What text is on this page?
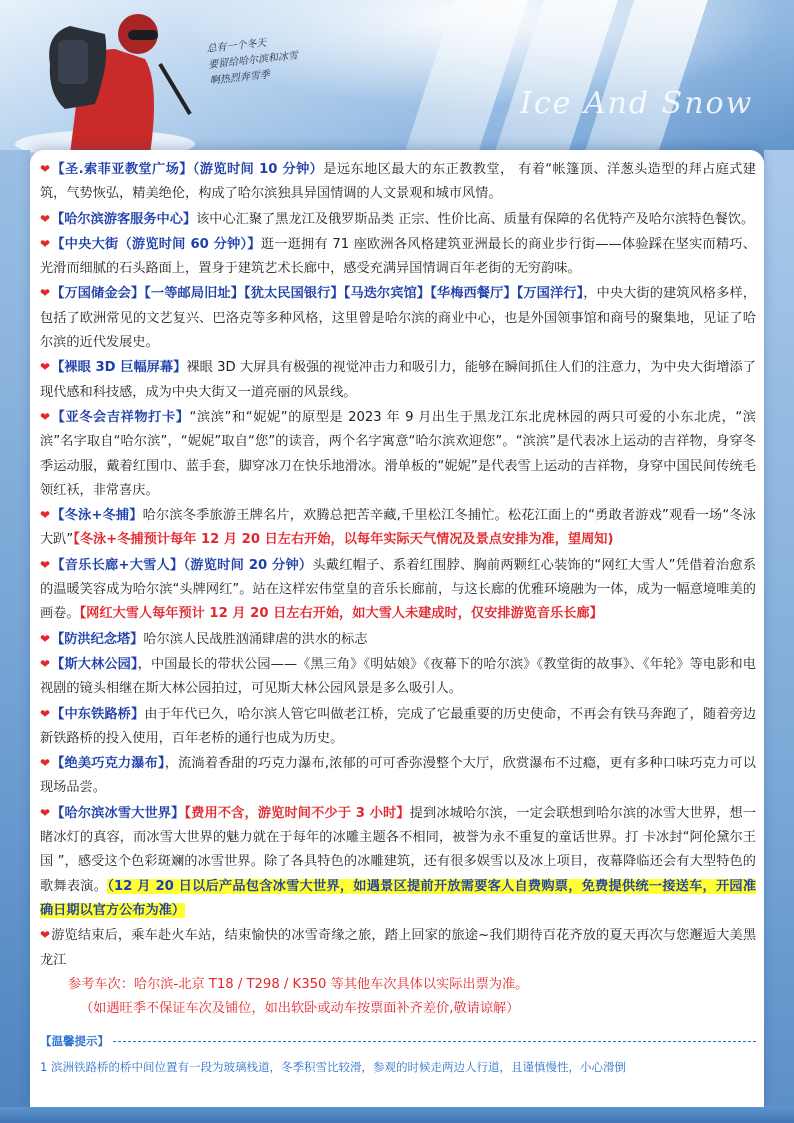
总有一个冬天
要留给哈尔滨和冰雪
啊热烈奔雪季
Ice And Snow

❤【圣.索菲亚教堂广场】（游览时间 10 分钟）是远东地区最大的东正教教堂， 有着“帐篷顶、洋葱头造型的拜占庭式建筑，气势恢弘，精美绝伦，构成了哈尔滨独具异国情调的人文景观和城市风情。

❤【哈尔滨游客服务中心】该中心汇聚了黑龙江及俄罗斯品类 正宗、性价比高、质量有保障的名优特产及哈尔滨特色餐饮。

❤【中央大街（游览时间 60 分钟）】逛一逛拥有 71 座欧洲各风格建筑亚洲最长的商业步行街——体验踩在坚实而精巧、光滑而细腻的石头路面上，置身于建筑艺术长廊中，感受充满异国情调百年老街的无穷韵味。

❤【万国储金会】【一等邮局旧址】【犹太民国银行】【马迭尔宾馆】【华梅西餐厅】【万国洋行】，中央大街的建筑风格多样，包括了欧洲常见的文艺复兴、巴洛克等多种风格，这里曾是哈尔滨的商业中心，也是外国领事馆和商号的聚集地，见证了哈尔滨的近代发展史。

❤【裸眼 3D 巨幅屏幕】裸眼 3D 大屏具有极强的视觉冲击力和吸引力，能够在瞬间抓住人们的注意力，为中央大街增添了现代感和科技感，成为中央大街又一道亮丽的风景线。

❤【亚冬会吉祥物打卡】“滨滨”和“妮妮”的原型是 2023 年 9 月出生于黑龙江东北虎林园的两只可爱的小东北虎，“滨滨”名字取自“哈尔滨”，“妮妮”取自“您”的读音，两个名字寓意“哈尔滨欢迎您”。“滨滨”是代表冰上运动的吉祥物，身穿冬季运动服，戴着红围巾、蓝手套，脚穿冰刀在快乐地滑冰。滑单板的“妮妮”是代表雪上运动的吉祥物，身穿中国民间传统毛领红袄，非常喜庆。

❤【冬泳+冬捕】哈尔滨冬季旅游王牌名片，欢腾总把苦辛藏,千里松江冬捕忙。松花江面上的“勇敢者游戏”观看一场“冬泳大趴”【冬泳+冬捕预计每年 12 月 20 日左右开始，以每年实际天气情况及景点安排为准，望周知)

❤【音乐长廊+大雪人】（游览时间 20 分钟）头戴红帽子、系着红围脖、胸前两颗红心装饰的“网红大雪人”凭借着治愈系的温暖笑容成为哈尔滨“头牌网红”。站在这样宏伟堂皇的音乐长廊前，与这长廊的优雅环境融为一体，成为一幅意境唯美的画卷。【网红大雪人每年预计 12 月 20 日左右开始，如大雪人未建成时，仅安排游览音乐长廊】

❤【防洪纪念塔】哈尔滨人民战胜汹涌肆虐的洪水的标志

❤【斯大林公园】，中国最长的带状公园——《黑三角》《明姑娘》《夜幕下的哈尔滨》《教堂街的故事》、《年轮》等电影和电视剧的镜头相继在斯大林公园拍过，可见斯大林公园风景是多么吸引人。

❤【中东铁路桥】由于年代已久，哈尔滨人管它叫做老江桥，完成了它最重要的历史使命，不再会有铁马奔跑了，随着旁边新铁路桥的投入使用，百年老桥的通行也成为历史。

❤【绝美巧克力瀑布】，流淌着香甜的巧克力瀑布,浓郁的可可香弥漫整个大厅，欣赏瀑布不过瘾，更有多种口味巧克力可以现场品尝。

❤【哈尔滨冰雪大世界】【费用不含，游览时间不少于 3 小时】提到冰城哈尔滨，一定会联想到哈尔滨的冰雪大世界，想一睹冰灯的真容，而冰雪大世界的魅力就在于每年的冰雕主题各不相同，被誉为永不重复的童话世界。打 卡冰封“阿伦黛尔王国 ”，感受这个色彩斑斓的冰雪世界。除了各具特色的冰雕建筑，还有很多娱雪以及冰上项目，夜幕降临还会有大型特色的歌舞表演。（12 月 20 日以后产品包含冰雪大世界，如遇景区提前开放需要客人自费购票，免费提供统一接送车，开园准确日期以官方公布为准）

❤游览结束后，乘车赴火车站，结束愉快的冰雪奇缘之旅，踏上回家的旅途~我们期待百花齐放的夏天再次与您邂逅大美黑龙江

参考车次：哈尔滨-北京 T18 / T298 / K350 等其他车次具体以实际出票为准。

（如遇旺季不保证车次及铺位，如出软卧或动车按票面补齐差价,敬请谅解）

【温馨提示】
1 滨洲铁路桥的桥中间位置有一段为玻璃栈道，冬季积雪比较滑，参观的时候走两边人行道，且谨慎慢性，小心滑倒
